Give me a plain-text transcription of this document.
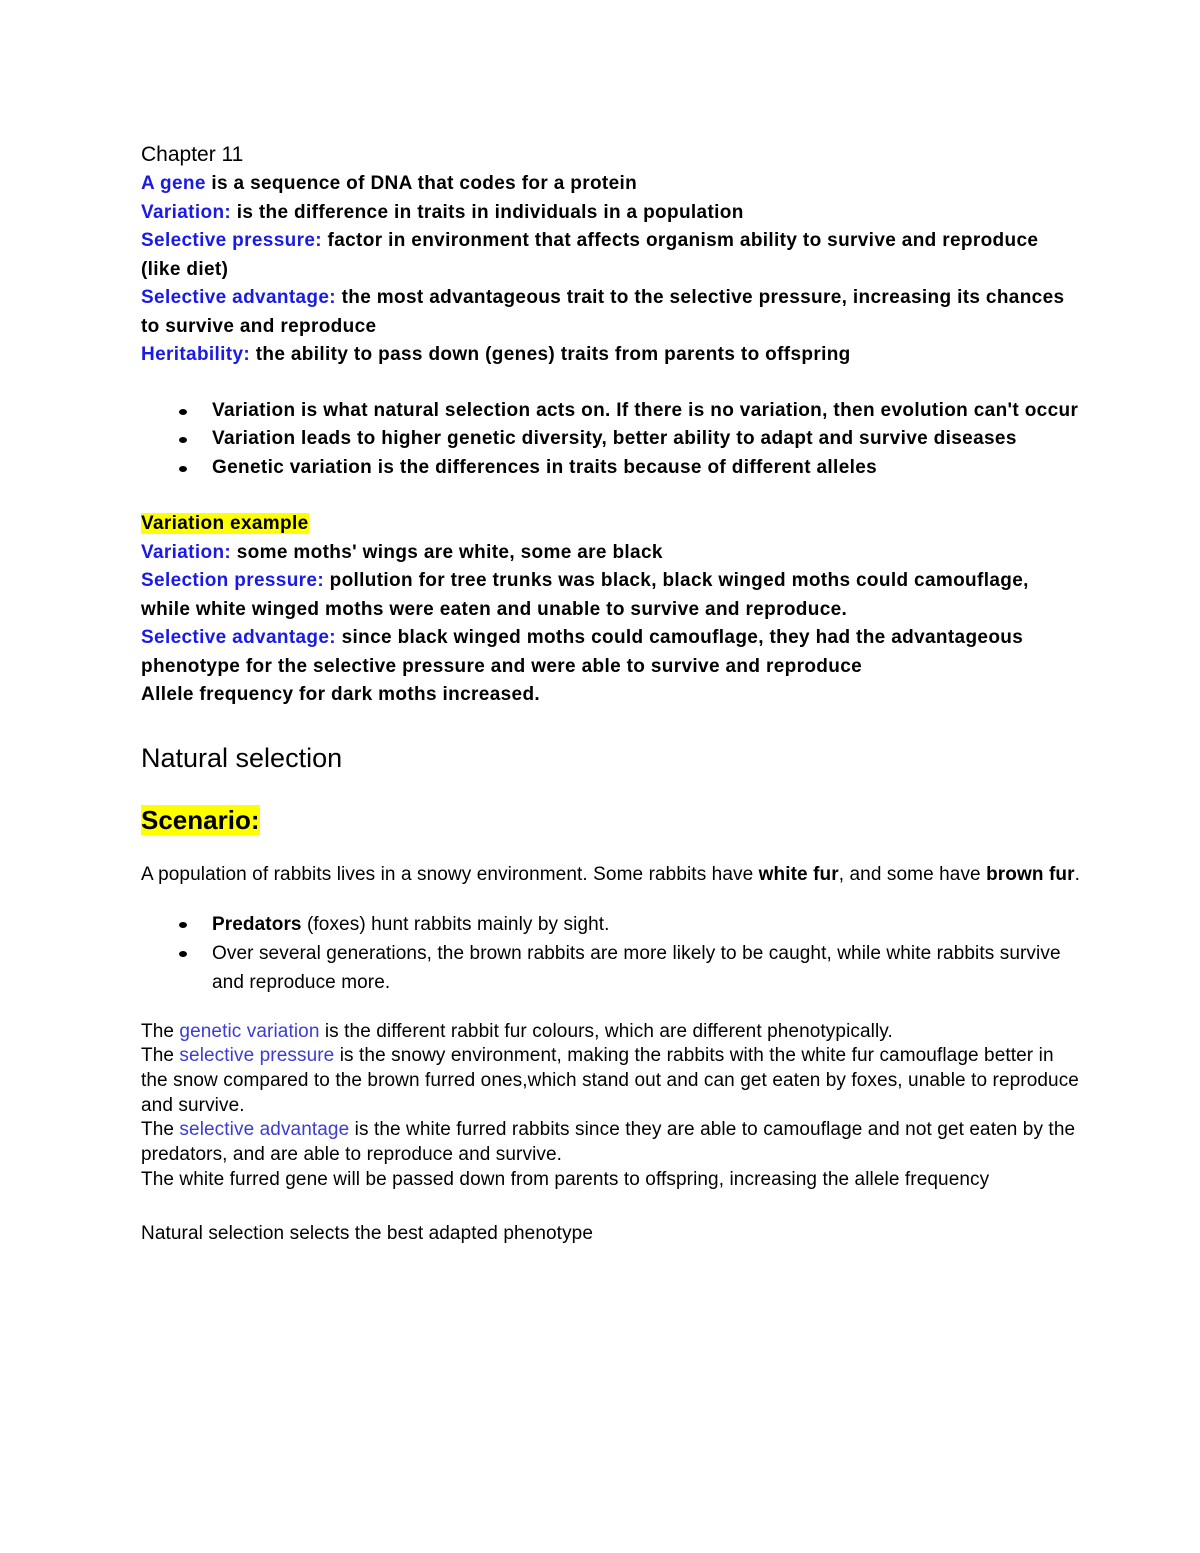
Chapter 11

A gene is a sequence of DNA that codes for a protein

Variation: is the difference in traits in individuals in a population

Selective pressure: factor in environment that affects organism ability to survive and reproduce (like diet)

Selective advantage: the most advantageous trait to the selective pressure, increasing its chances to survive and reproduce

Heritability: the ability to pass down (genes) traits from parents to offspring

Variation is what natural selection acts on. If there is no variation, then evolution can't occur
Variation leads to higher genetic diversity, better ability to adapt and survive diseases
Genetic variation is the differences in traits because of different alleles

Variation example

Variation: some moths' wings are white, some are black

Selection pressure: pollution for tree trunks was black, black winged moths could camouflage, while white winged moths were eaten and unable to survive and reproduce.

Selective advantage: since black winged moths could camouflage, they had the advantageous phenotype for the selective pressure and were able to survive and reproduce

Allele frequency for dark moths increased.

Natural selection
Scenario:

A population of rabbits lives in a snowy environment. Some rabbits have white fur, and some have brown fur.

Predators (foxes) hunt rabbits mainly by sight.
Over several generations, the brown rabbits are more likely to be caught, while white rabbits survive and reproduce more.

The genetic variation is the different rabbit fur colours, which are different phenotypically.

The selective pressure is the snowy environment, making the rabbits with the white fur camouflage better in the snow compared to the brown furred ones,which stand out and can get eaten by foxes, unable to reproduce and survive.

The selective advantage is the white furred rabbits since they are able to camouflage and not get eaten by the predators, and are able to reproduce and survive.

The white furred gene will be passed down from parents to offspring, increasing the allele frequency

Natural selection selects the best adapted phenotype
